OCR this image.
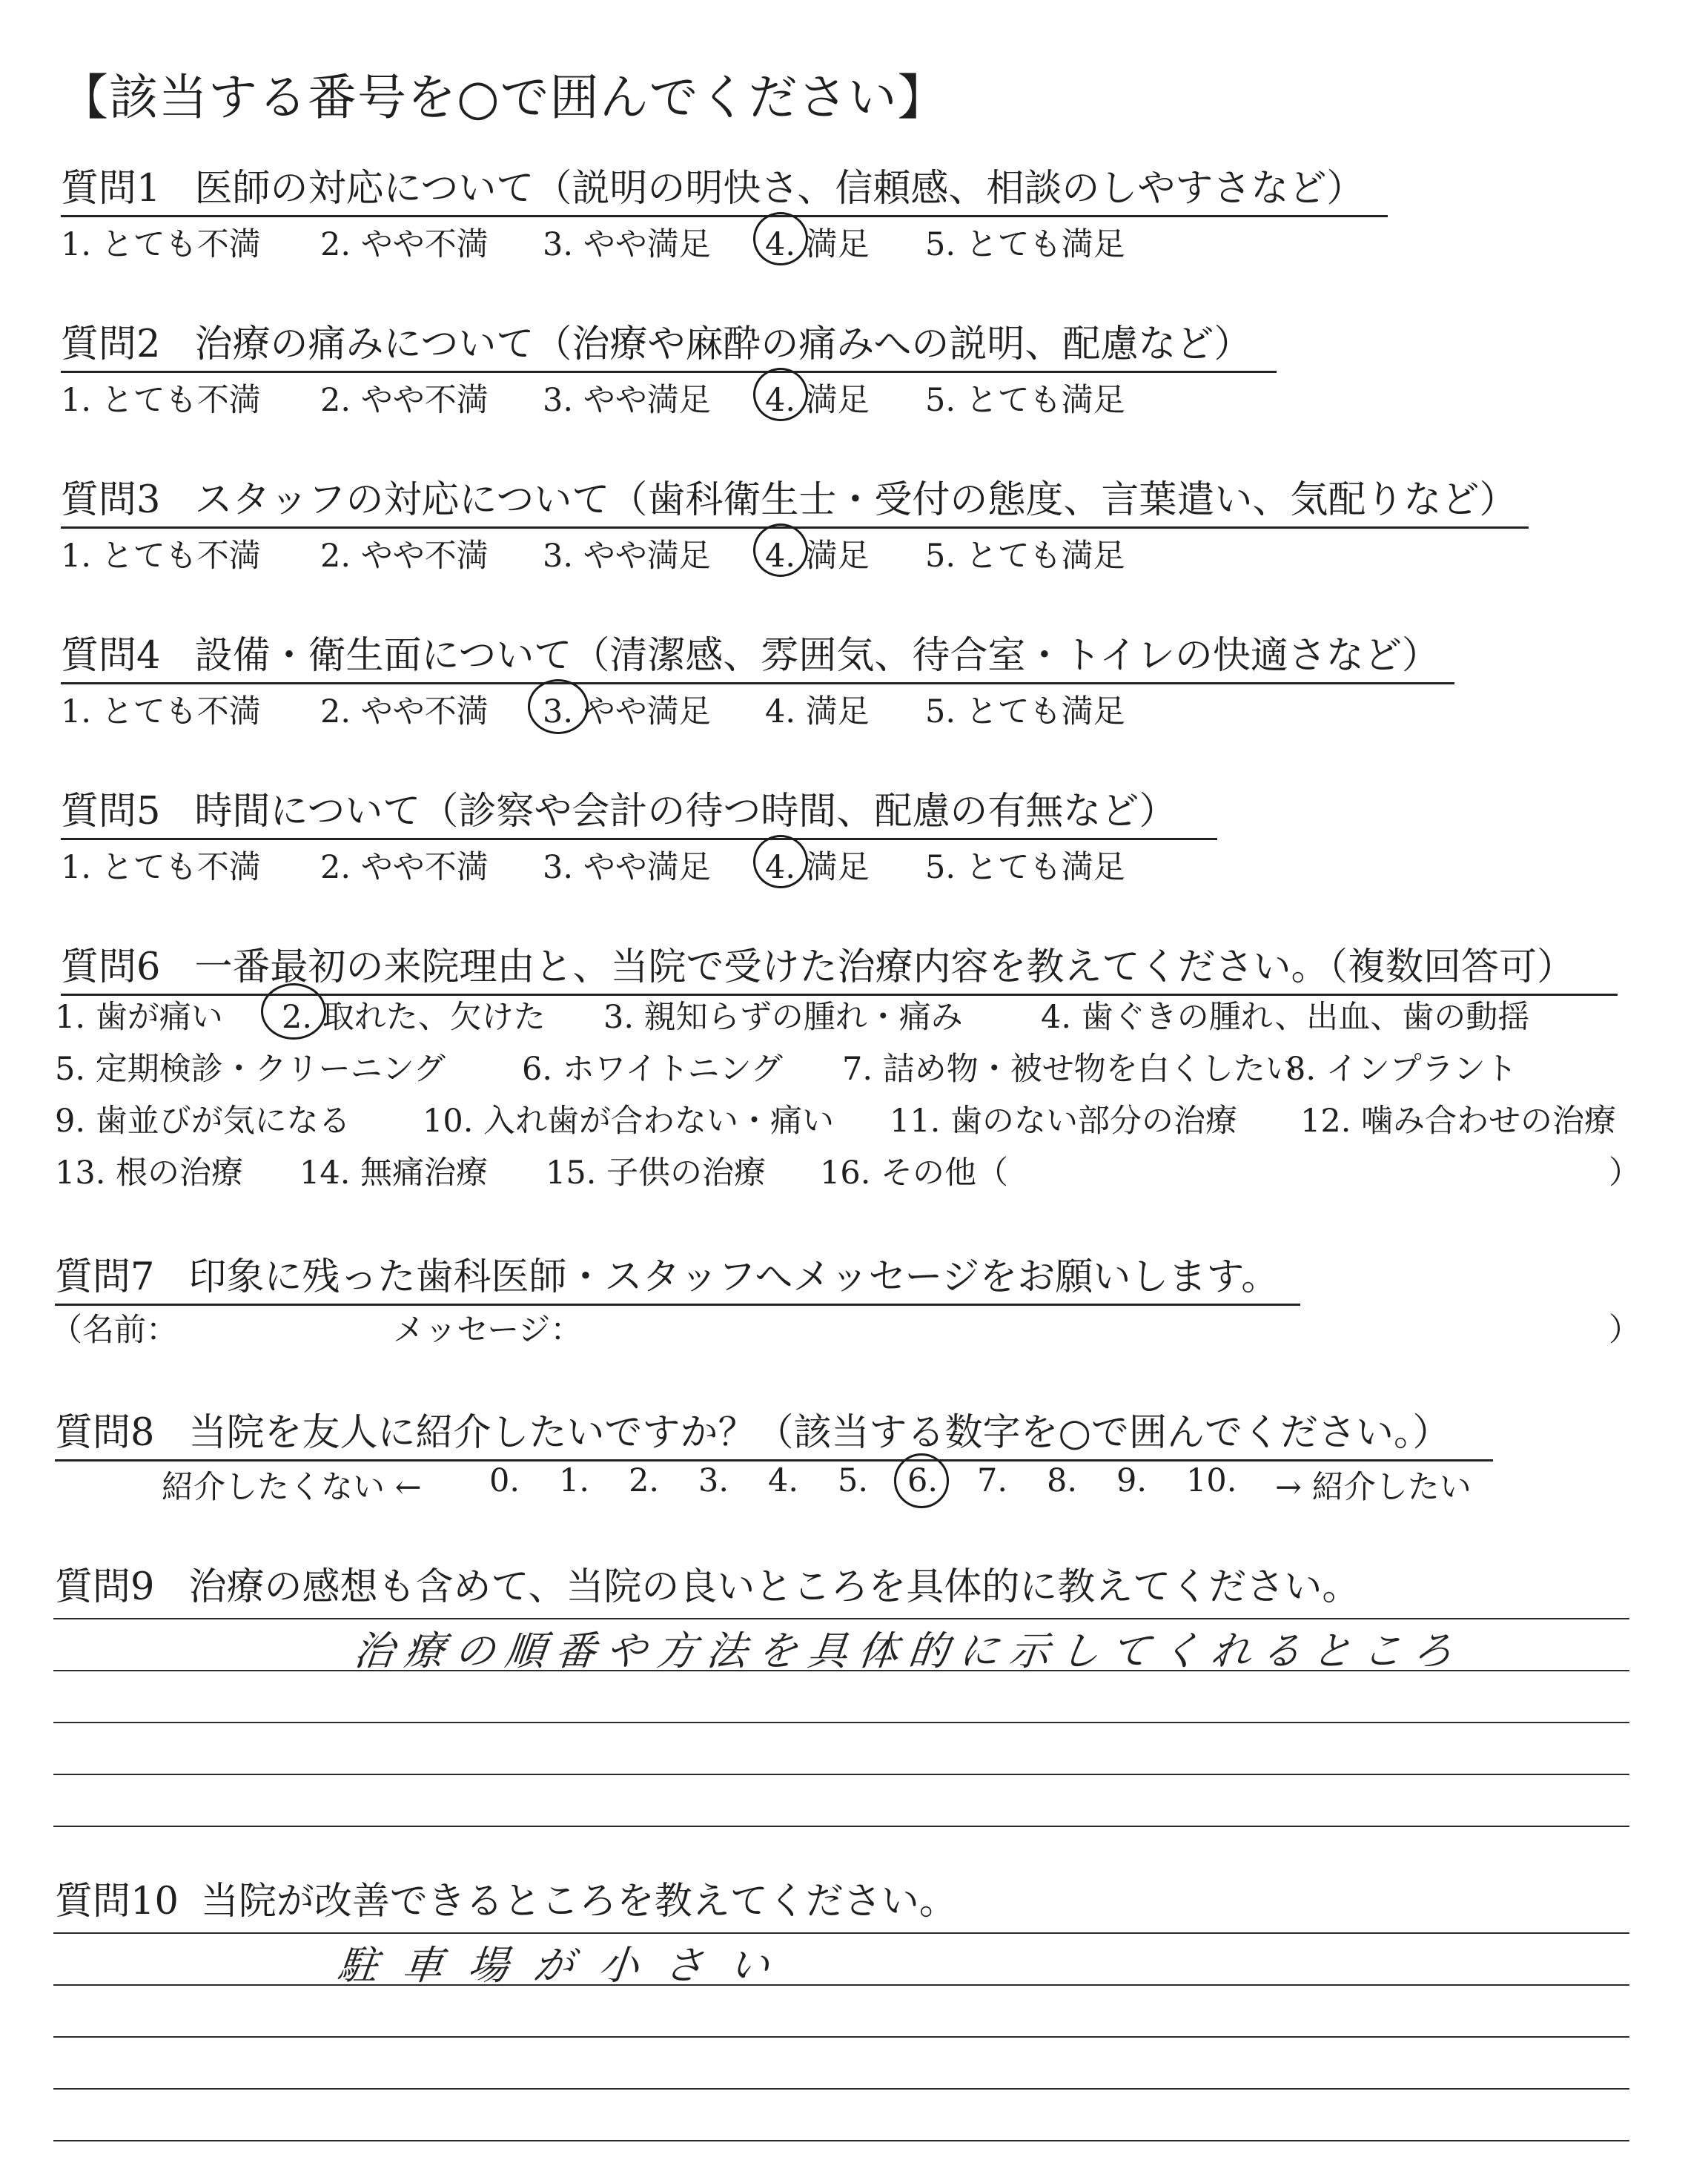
【該当する番号を○で囲んでください】
質問1 医師の対応について（説明の明快さ、信頼感、相談のしやすさなど）
1. とても不満 2. やや不満 3. やや満足 4. 満足 5. とても満足
質問2 治療の痛みについて（治療や麻酔の痛みへの説明、配慮など）
1. とても不満 2. やや不満 3. やや満足 4. 満足 5. とても満足
質問3 スタッフの対応について（歯科衛生士・受付の態度、言葉遣い、気配りなど）
1. とても不満 2. やや不満 3. やや満足 4. 満足 5. とても満足
質問4 設備・衛生面について（清潔感、雰囲気、待合室・トイレの快適さなど）
1. とても不満 2. やや不満 3. やや満足 4. 満足 5. とても満足
質問5 時間について（診察や会計の待つ時間、配慮の有無など）
1. とても不満 2. やや不満 3. やや満足 4. 満足 5. とても満足
質問6 一番最初の来院理由と、当院で受けた治療内容を教えてください。（複数回答可）
1. 歯が痛い 2. 取れた、欠けた 3. 親知らずの腫れ・痛み 4. 歯ぐきの腫れ、出血、歯の動揺
5. 定期検診・クリーニング 6. ホワイトニング 7. 詰め物・被せ物を白くしたい
8. インプラント
9. 歯並びが気になる 10. 入れ歯が合わない・痛い 11. 歯のない部分の治療 12. 噛み合わせの治療
13. 根の治療 14. 無痛治療 15. 子供の治療 16. その他（	）
質問7 印象に残った歯科医師・スタッフへメッセージをお願いします。
（名前：	メッセージ：	）
質問8 当院を友人に紹介したいですか？（該当する数字を○で囲んでください。）
紹介したくない ← 0. 1. 2. 3. 4. 5. 6. 7. 8. 9. 10. → 紹介したい
質問9 治療の感想も含めて、当院の良いところを具体的に教えてください。
治療の順番や方法を具体的に示してくれるところ
質問10 当院が改善できるところを教えてください。
駐車場が小さい
